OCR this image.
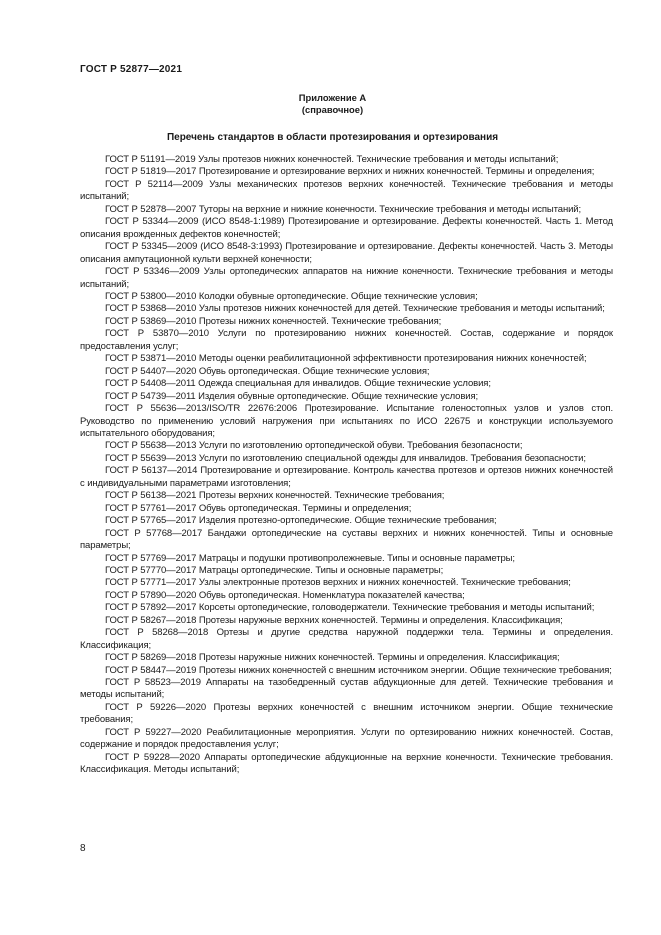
ГОСТ Р 52877—2021
Приложение А
(справочное)
Перечень стандартов в области протезирования и ортезирования
ГОСТ Р 51191—2019 Узлы протезов нижних конечностей. Технические требования и методы испытаний;
ГОСТ Р 51819—2017 Протезирование и ортезирование верхних и нижних конечностей. Термины и определения;
ГОСТ Р 52114—2009 Узлы механических протезов верхних конечностей. Технические требования и методы испытаний;
ГОСТ Р 52878—2007 Туторы на верхние и нижние конечности. Технические требования и методы испытаний;
ГОСТ Р 53344—2009 (ИСО 8548-1:1989) Протезирование и ортезирование. Дефекты конечностей. Часть 1. Метод описания врожденных дефектов конечностей;
ГОСТ Р 53345—2009 (ИСО 8548-3:1993) Протезирование и ортезирование. Дефекты конечностей. Часть 3. Методы описания ампутационной культи верхней конечности;
ГОСТ Р 53346—2009 Узлы ортопедических аппаратов на нижние конечности. Технические требования и методы испытаний;
ГОСТ Р 53800—2010 Колодки обувные ортопедические. Общие технические условия;
ГОСТ Р 53868—2010 Узлы протезов нижних конечностей для детей. Технические требования и методы испытаний;
ГОСТ Р 53869—2010 Протезы нижних конечностей. Технические требования;
ГОСТ Р 53870—2010 Услуги по протезированию нижних конечностей. Состав, содержание и порядок предоставления услуг;
ГОСТ Р 53871—2010 Методы оценки реабилитационной эффективности протезирования нижних конечностей;
ГОСТ Р 54407—2020 Обувь ортопедическая. Общие технические условия;
ГОСТ Р 54408—2011 Одежда специальная для инвалидов. Общие технические условия;
ГОСТ Р 54739—2011 Изделия обувные ортопедические. Общие технические условия;
ГОСТ Р 55636—2013/ISO/TR 22676:2006 Протезирование. Испытание голеностопных узлов и узлов стоп. Руководство по применению условий нагружения при испытаниях по ИСО 22675 и конструкции используемого испытательного оборудования;
ГОСТ Р 55638—2013 Услуги по изготовлению ортопедической обуви. Требования безопасности;
ГОСТ Р 55639—2013 Услуги по изготовлению специальной одежды для инвалидов. Требования безопасности;
ГОСТ Р 56137—2014 Протезирование и ортезирование. Контроль качества протезов и ортезов нижних конечностей с индивидуальными параметрами изготовления;
ГОСТ Р 56138—2021 Протезы верхних конечностей. Технические требования;
ГОСТ Р 57761—2017 Обувь ортопедическая. Термины и определения;
ГОСТ Р 57765—2017 Изделия протезно-ортопедические. Общие технические требования;
ГОСТ Р 57768—2017 Бандажи ортопедические на суставы верхних и нижних конечностей. Типы и основные параметры;
ГОСТ Р 57769—2017 Матрацы и подушки противопролежневые. Типы и основные параметры;
ГОСТ Р 57770—2017 Матрацы ортопедические. Типы и основные параметры;
ГОСТ Р 57771—2017 Узлы электронные протезов верхних и нижних конечностей. Технические требования;
ГОСТ Р 57890—2020 Обувь ортопедическая. Номенклатура показателей качества;
ГОСТ Р 57892—2017 Корсеты ортопедические, головодержатели. Технические требования и методы испытаний;
ГОСТ Р 58267—2018 Протезы наружные верхних конечностей. Термины и определения. Классификация;
ГОСТ Р 58268—2018 Ортезы и другие средства наружной поддержки тела. Термины и определения. Классификация;
ГОСТ Р 58269—2018 Протезы наружные нижних конечностей. Термины и определения. Классификация;
ГОСТ Р 58447—2019 Протезы нижних конечностей с внешним источником энергии. Общие технические требования;
ГОСТ Р 58523—2019 Аппараты на тазобедренный сустав абдукционные для детей. Технические требования и методы испытаний;
ГОСТ Р 59226—2020 Протезы верхних конечностей с внешним источником энергии. Общие технические требования;
ГОСТ Р 59227—2020 Реабилитационные мероприятия. Услуги по ортезированию нижних конечностей. Состав, содержание и порядок предоставления услуг;
ГОСТ Р 59228—2020 Аппараты ортопедические абдукционные на верхние конечности. Технические требования. Классификация. Методы испытаний;
8
